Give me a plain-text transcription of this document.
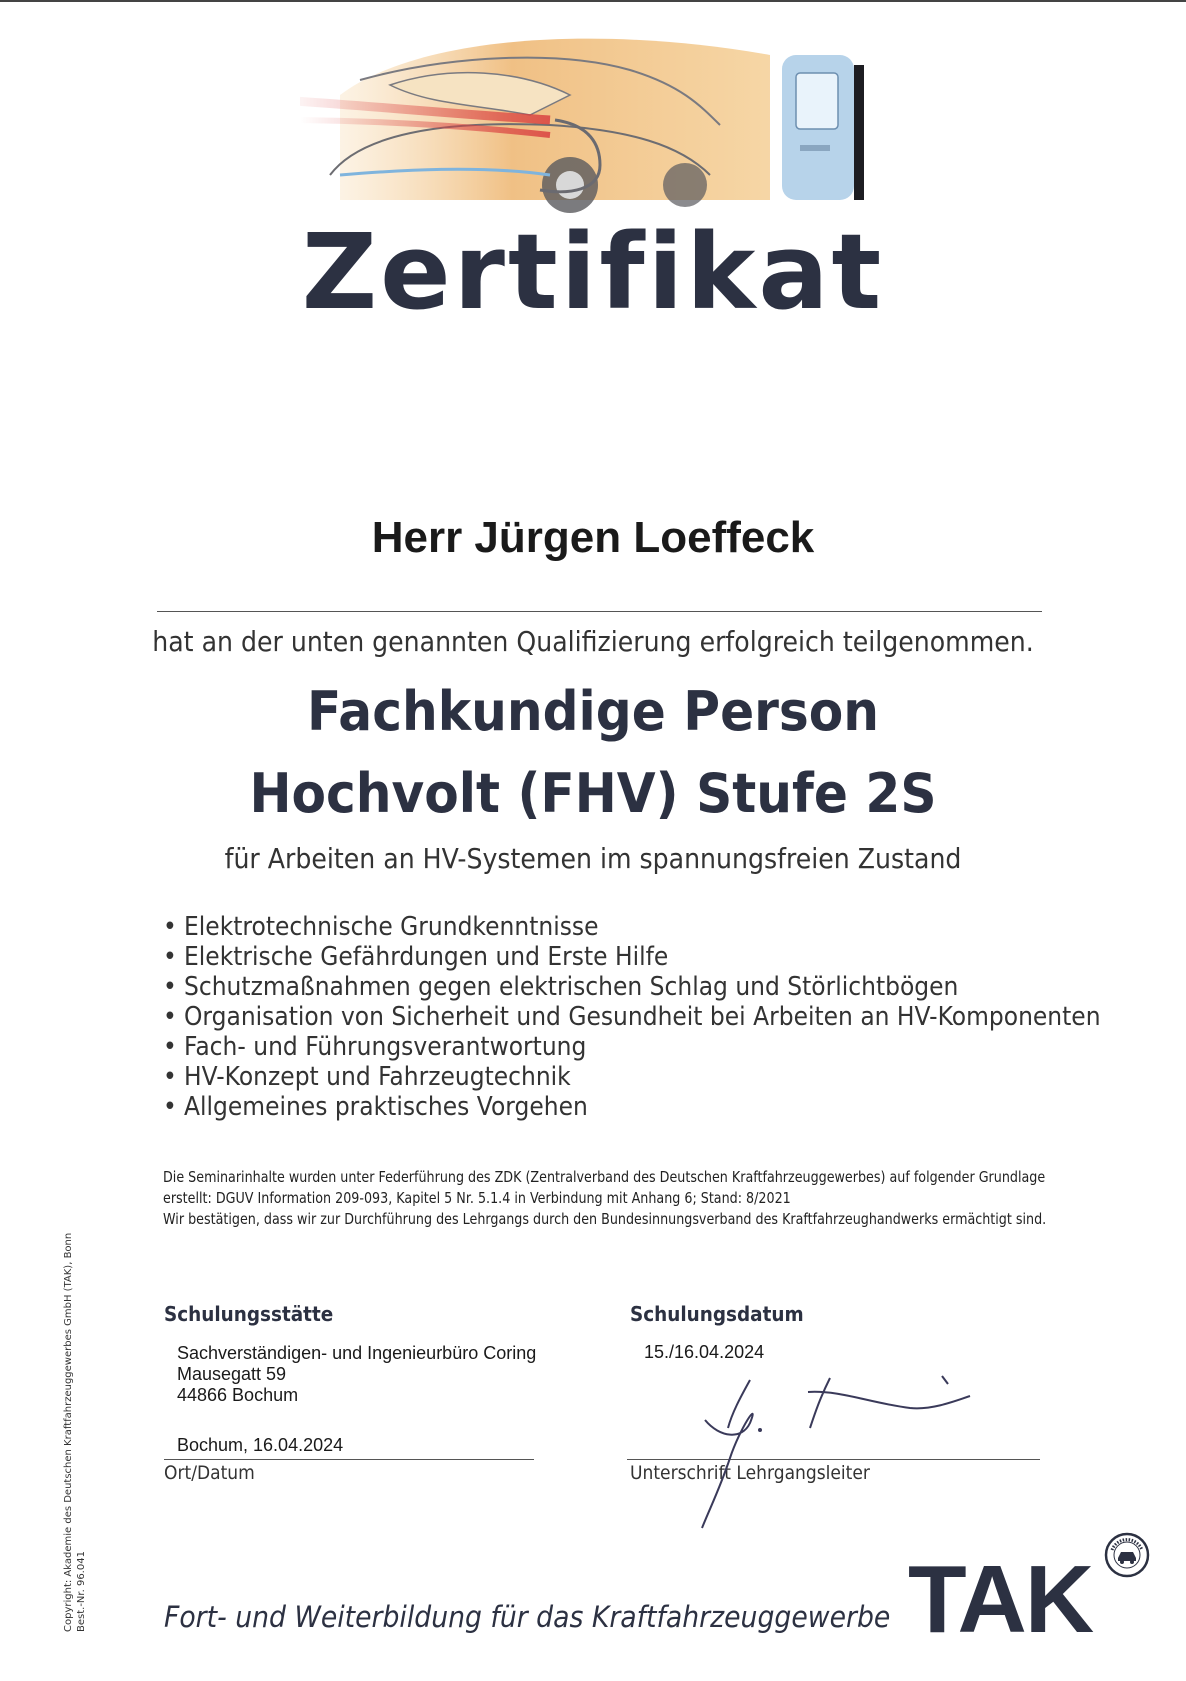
Zertifikat
Herr Jürgen Loeffeck
hat an der unten genannten Qualifizierung erfolgreich teilgenommen.
Fachkundige Person
Hochvolt (FHV) Stufe 2S
für Arbeiten an HV-Systemen im spannungsfreien Zustand
• Elektrotechnische Grundkenntnisse
• Elektrische Gefährdungen und Erste Hilfe
• Schutzmaßnahmen gegen elektrischen Schlag und Störlichtbögen
• Organisation von Sicherheit und Gesundheit bei Arbeiten an HV-Komponenten
• Fach- und Führungsverantwortung
• HV-Konzept und Fahrzeugtechnik
• Allgemeines praktisches Vorgehen
Die Seminarinhalte wurden unter Federführung des ZDK (Zentralverband des Deutschen Kraftfahrzeuggewerbes) auf folgender Grundlage
erstellt: DGUV Information 209-093, Kapitel 5 Nr. 5.1.4 in Verbindung mit Anhang 6; Stand: 8/2021
Wir bestätigen, dass wir zur Durchführung des Lehrgangs durch den Bundesinnungsverband des Kraftfahrzeughandwerks ermächtigt sind.
Copyright: Akademie des Deutschen Kraftfahrzeuggewerbes GmbH (TAK), Bonn Best.-Nr. 96.041
Schulungsstätte
Sachverständigen- und Ingenieurbüro Coring
Mausegatt 59
44866 Bochum
Schulungsdatum
15./16.04.2024
Bochum, 16.04.2024
Ort/Datum	Unterschrift Lehrgangsleiter
Fort- und Weiterbildung für das Kraftfahrzeuggewerbe TAK
